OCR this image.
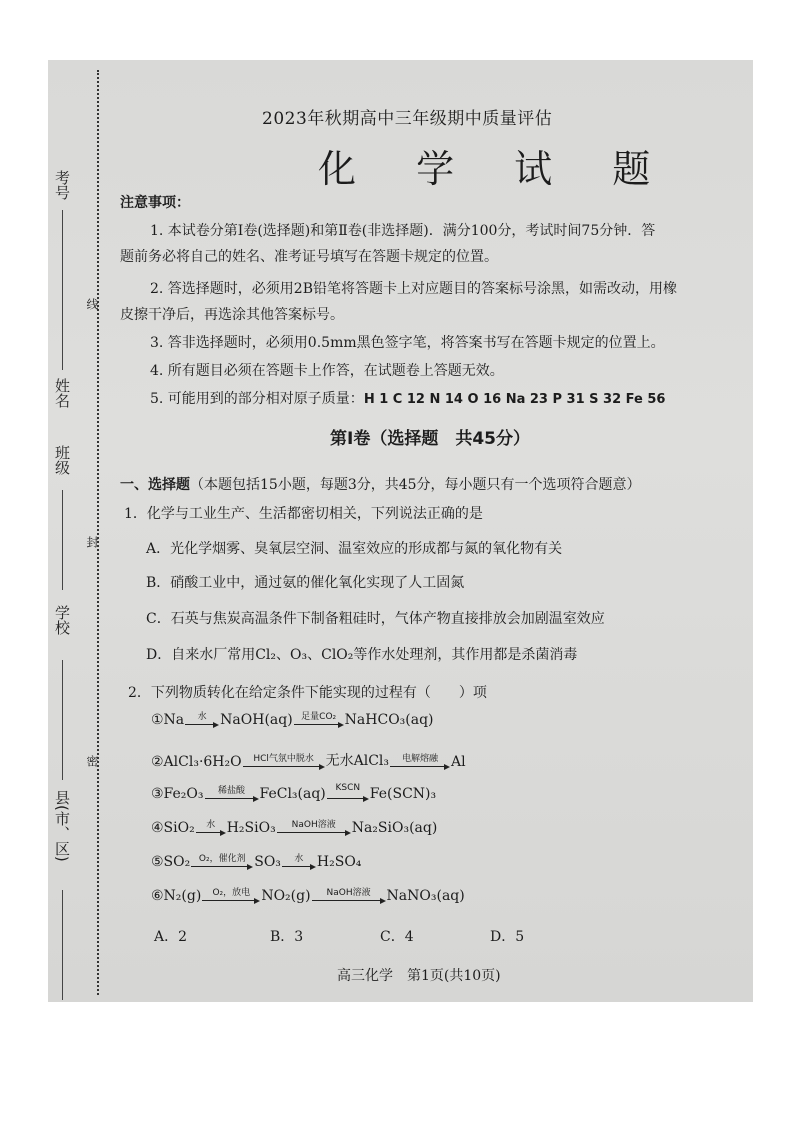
县(市、区)
学校
班级
姓名
考号
密
封
线
2023年秋期高中三年级期中质量评估
化 学 试 题
注意事项：
1. 本试卷分第Ⅰ卷(选择题)和第Ⅱ卷(非选择题)．满分100分，考试时间75分钟．答
题前务必将自己的姓名、准考证号填写在答题卡规定的位置。
2. 答选择题时，必须用2B铅笔将答题卡上对应题目的答案标号涂黑，如需改动，用橡
皮擦干净后，再选涂其他答案标号。
3. 答非选择题时，必须用0.5mm黑色签字笔，将答案书写在答题卡规定的位置上。
4. 所有题目必须在答题卡上作答，在试题卷上答题无效。
5. 可能用到的部分相对原子质量：H 1 C 12 N 14 O 16 Na 23 P 31 S 32 Fe 56
第Ⅰ卷（选择题　共45分）
一、选择题（本题包括15小题，每题3分，共45分，每小题只有一个选项符合题意）
1．化学与工业生产、生活都密切相关，下列说法正确的是
A．光化学烟雾、臭氧层空洞、温室效应的形成都与氮的氧化物有关
B．硝酸工业中，通过氨的催化氧化实现了人工固氮
C．石英与焦炭高温条件下制备粗硅时，气体产物直接排放会加剧温室效应
D．自来水厂常用Cl₂、O₃、ClO₂等作水处理剂，其作用都是杀菌消毒
2．下列物质转化在给定条件下能实现的过程有（　　）项
①Na	水 NaOH(aq) 足量CO₂ NaHCO₃(aq)
②AlCl₃·6H₂O	HCl气氛中脱水 无水AlCl₃	电解熔融 Al
③Fe₂O₃	稀盐酸	FeCl₃(aq)	KSCN Fe(SCN)₃
④SiO₂	水 H₂SiO₃	NaOH溶液	Na₂SiO₃(aq)
⑤SO₂ O₂，催化剂 SO₃	水 H₂SO₄
⑥N₂(g)	O₂，放电 NO₂(g)	NaOH溶液	NaNO₃(aq)
A．2	B．3	C．4	D．5
高三化学　第1页(共10页)
